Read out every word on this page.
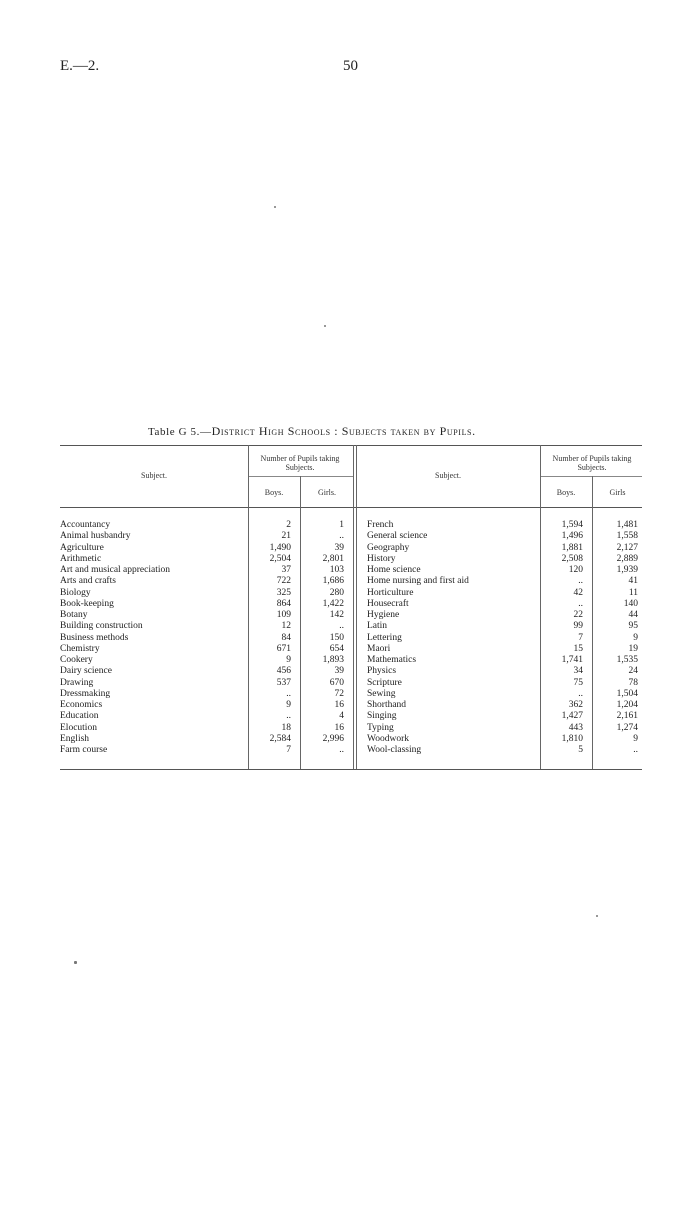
E.—2.	50
Table G 5.—District High Schools : Subjects taken by Pupils.
Subject.
Number of Pupils taking Subjects.
Boys.	Girls.
Subject.
Number of Pupils taking Subjects.
Boys.	Girls
Accountancy	2	1
Animal husbandry	21	..
Agriculture	1,490	39
Arithmetic	2,504	2,801
Art and musical appreciation	37	103
Arts and crafts	722	1,686
Biology	325	280
Book-keeping	864	1,422
Botany	109	142
Building construction	12	..
Business methods	84	150
Chemistry	671	654
Cookery	9	1,893
Dairy science	456	39
Drawing	537	670
Dressmaking	..	72
Economics	9	16
Education	..	4
Elocution	18	16
English	2,584	2,996
Farm course	7	..
French	1,594	1,481
General science	1,496	1,558
Geography	1,881	2,127
History	2,508	2,889
Home science	120	1,939
Home nursing and first aid	..	41
Horticulture	42	11
Housecraft	..	140
Hygiene	22	44
Latin	99	95
Lettering	7	9
Maori	15	19
Mathematics	1,741	1,535
Physics	34	24
Scripture	75	78
Sewing	..	1,504
Shorthand	362	1,204
Singing	1,427	2,161
Typing	443	1,274
Woodwork	1,810	9
Wool-classing	5	..
